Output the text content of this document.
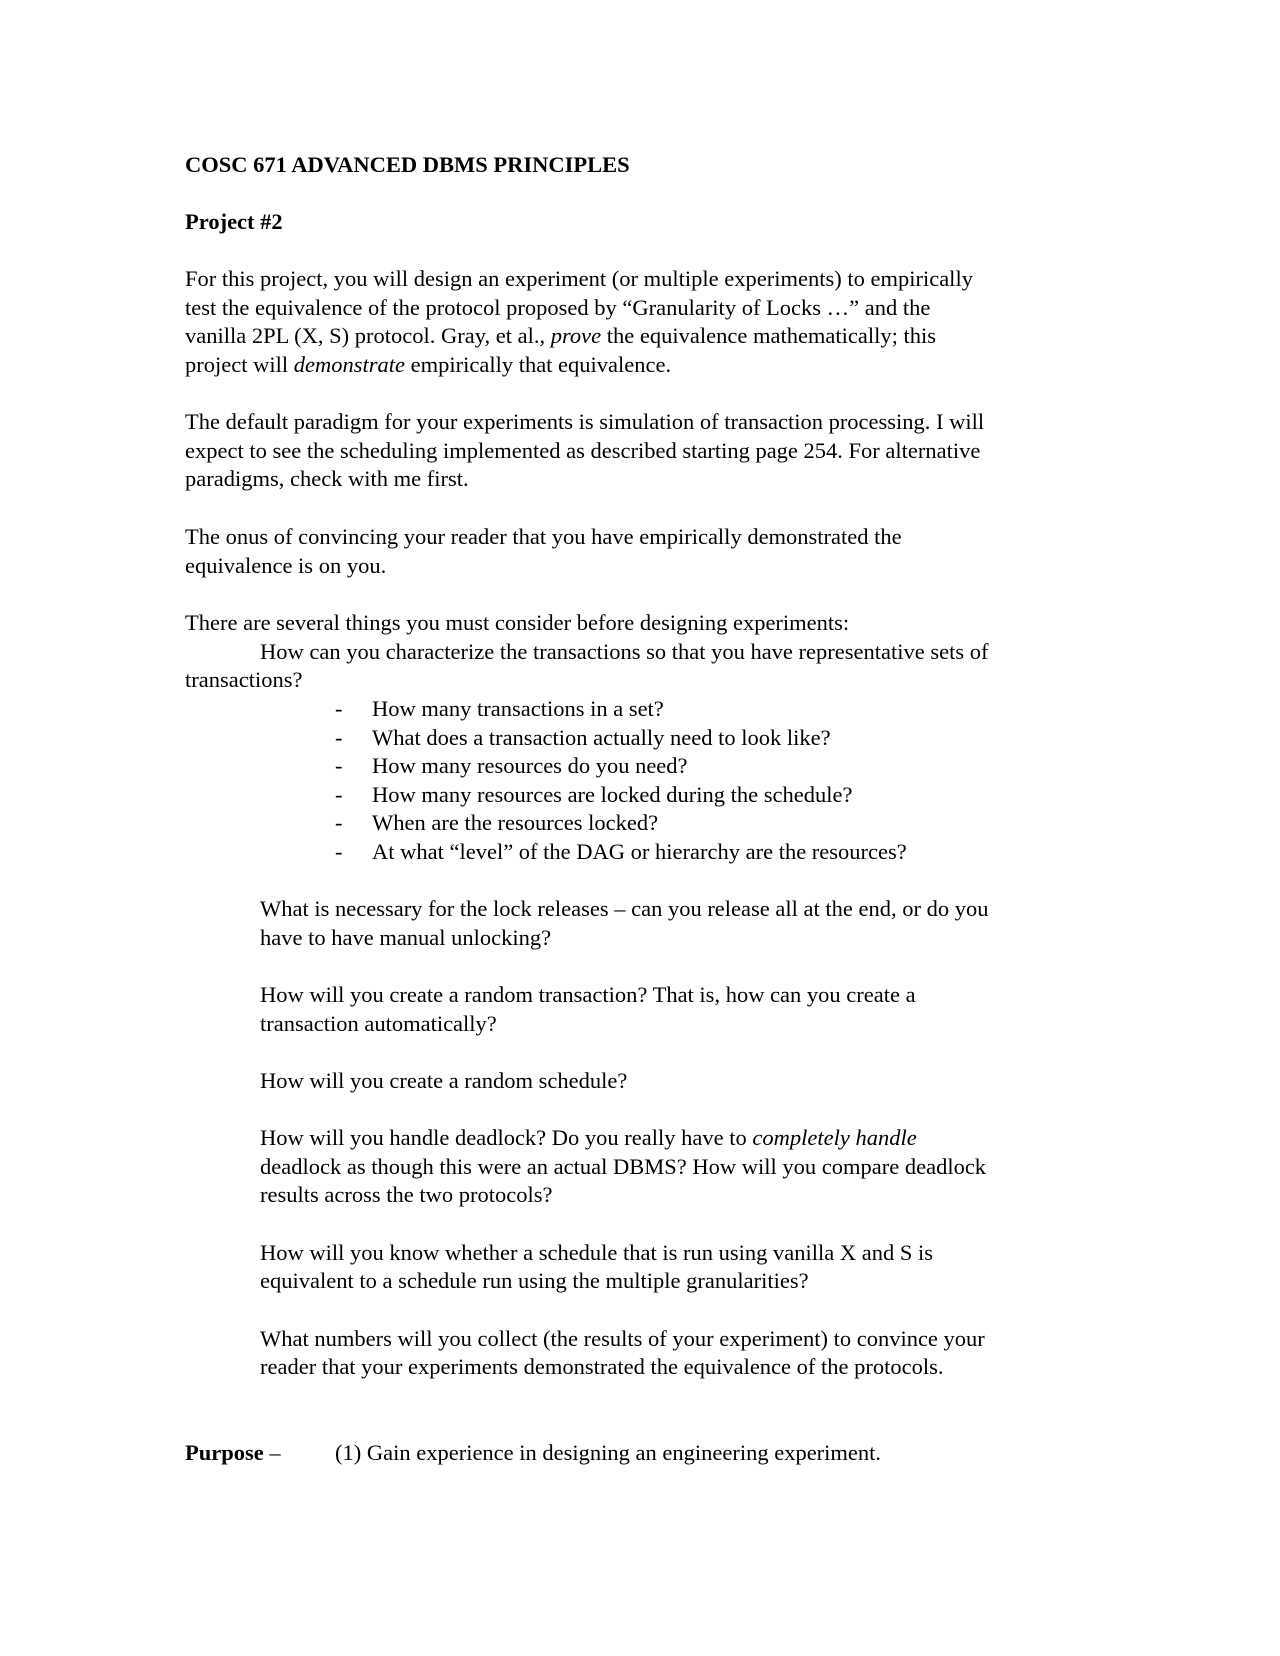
COSC 671 ADVANCED DBMS PRINCIPLES

Project #2

For this project, you will design an experiment (or multiple experiments) to empirically

test the equivalence of the protocol proposed by “Granularity of Locks …” and the

vanilla 2PL (X, S) protocol. Gray, et al., prove the equivalence mathematically; this

project will demonstrate empirically that equivalence.

The default paradigm for your experiments is simulation of transaction processing. I will

expect to see the scheduling implemented as described starting page 254. For alternative

paradigms, check with me first.

The onus of convincing your reader that you have empirically demonstrated the

equivalence is on you.

There are several things you must consider before designing experiments:

How can you characterize the transactions so that you have representative sets of

transactions?

- How many transactions in a set?

- What does a transaction actually need to look like?

- How many resources do you need?

- How many resources are locked during the schedule?

- When are the resources locked?

- At what “level” of the DAG or hierarchy are the resources?

What is necessary for the lock releases – can you release all at the end, or do you

have to have manual unlocking?

How will you create a random transaction? That is, how can you create a

transaction automatically?

How will you create a random schedule?

How will you handle deadlock? Do you really have to completely handle

deadlock as though this were an actual DBMS? How will you compare deadlock

results across the two protocols?

How will you know whether a schedule that is run using vanilla X and S is

equivalent to a schedule run using the multiple granularities?

What numbers will you collect (the results of your experiment) to convince your

reader that your experiments demonstrated the equivalence of the protocols.

Purpose – (1) Gain experience in designing an engineering experiment.
